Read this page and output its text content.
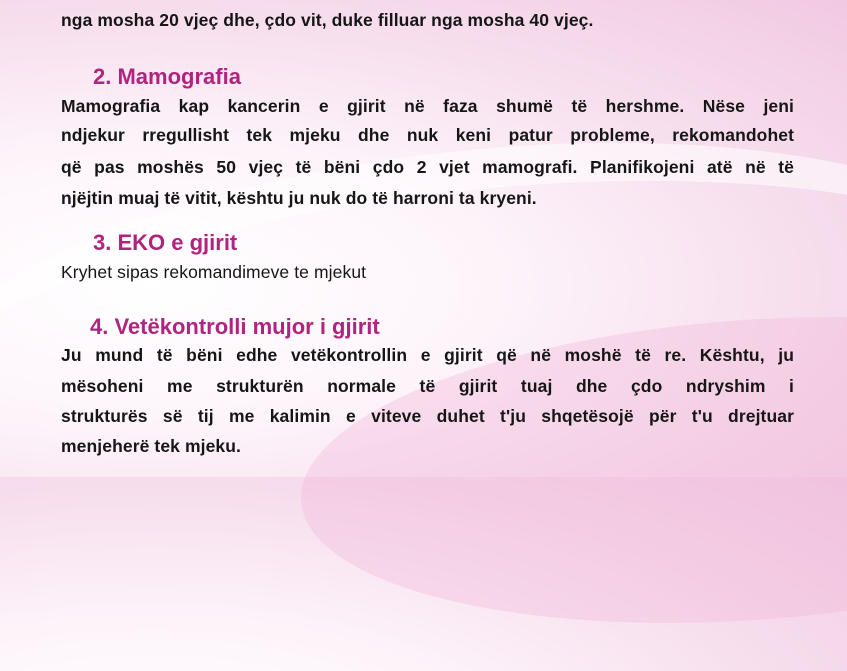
nga mosha 20 vjeç dhe, çdo vit, duke filluar nga mosha 40 vjeç.
2. Mamografia
Mamografia kap kancerin e gjirit në faza shumë të hershme. Nëse jeni
ndjekur rregullisht tek mjeku dhe nuk keni patur probleme, rekomandohet
që pas moshës 50 vjeç të bëni çdo 2 vjet mamografi. Planifikojeni atë në të
njëjtin muaj të vitit, kështu ju nuk do të harroni ta kryeni.
3. EKO e gjirit
Kryhet sipas rekomandimeve te mjekut
4. Vetëkontrolli mujor i gjirit
Ju mund të bëni edhe vetëkontrollin e gjirit që në moshë të re. Kështu, ju
mësoheni me strukturën normale të gjirit tuaj dhe çdo ndryshim i
strukturës së tij me kalimin e viteve duhet t'ju shqetësojë për t'u drejtuar
menjeherë tek mjeku.
